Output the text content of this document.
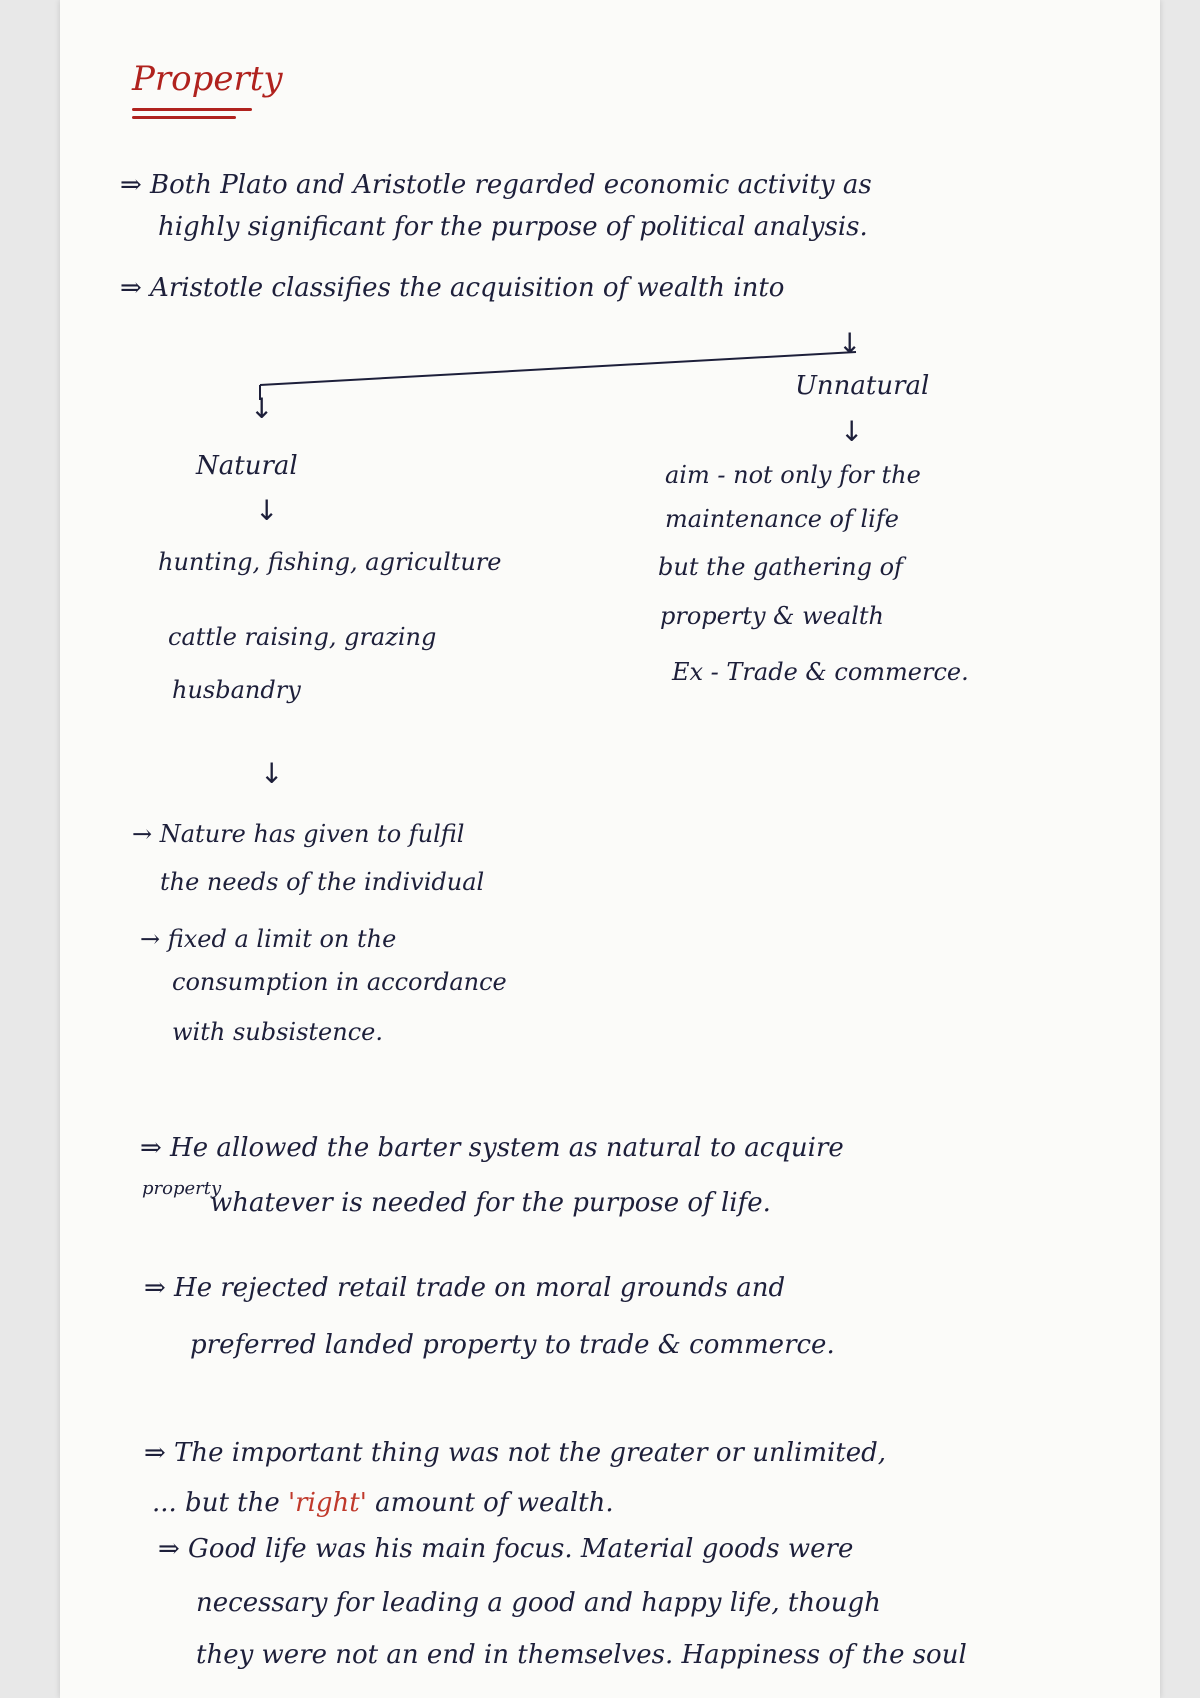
Property
⇒ Both Plato and Aristotle regarded economic activity as
highly significant for the purpose of political analysis.
⇒ Aristotle classifies the acquisition of wealth into
↓
↓
Unnatural
↓
aim - not only for the
maintenance of life
but the gathering of
property & wealth
Ex - Trade & commerce.
Natural
↓
hunting, fishing, agriculture
cattle raising, grazing
husbandry
↓
→ Nature has given to fulfil
the needs of the individual
→ fixed a limit on the
consumption in accordance
with subsistence.
⇒ He allowed the barter system as natural to acquire
property
whatever is needed for the purpose of life.
⇒ He rejected retail trade on moral grounds and
preferred landed property to trade & commerce.
⇒ The important thing was not the greater or unlimited,
... but the 'right' amount of wealth.
⇒ Good life was his main focus. Material goods were
necessary for leading a good and happy life, though
they were not an end in themselves. Happiness of the soul
